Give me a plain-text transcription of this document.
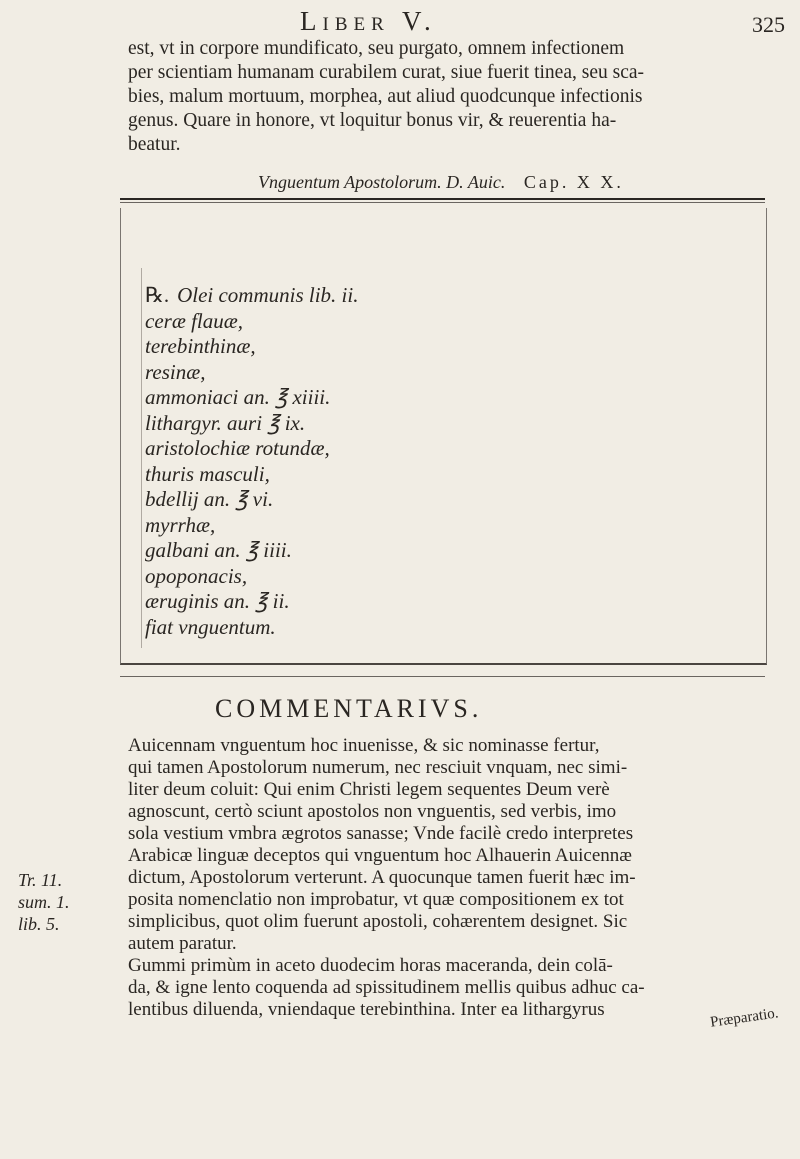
Liber V.	325

est, vt in corpore mundificato, seu purgato, omnem infectionem

per scientiam humanam curabilem curat, siue fuerit tinea, seu sca-

bies, malum mortuum, morphea, aut aliud quodcunque infectionis

genus. Quare in honore, vt loquitur bonus vir, & reuerentia ha-

beatur.

Vnguentum Apostolorum. D. Auic. Cap. X X.

℞. Olei communis lib. ii.

ceræ flauæ,

terebinthinæ,

resinæ,

ammoniaci an. ℥ xiiii.

lithargyr. auri ℥ ix.

aristolochiæ rotundæ,

thuris masculi,

bdellij an. ℥ vi.

myrrhæ,

galbani an. ℥ iiii.

opoponacis,

æruginis an. ℥ ii.

fiat vnguentum.

COMMENTARIVS.

Auicennam vnguentum hoc inuenisse, & sic nominasse fertur,

qui tamen Apostolorum numerum, nec resciuit vnquam, nec simi-

liter deum coluit: Qui enim Christi legem sequentes Deum verè

agnoscunt, certò sciunt apostolos non vnguentis, sed verbis, imo

sola vestium vmbra ægrotos sanasse; Vnde facilè credo interpretes

Arabicæ linguæ deceptos qui vnguentum hoc Alhauerin Auicennæ

dictum, Apostolorum verterunt. A quocunque tamen fuerit hæc im-

posita nomenclatio non improbatur, vt quæ compositionem ex tot

simplicibus, quot olim fuerunt apostoli, cohærentem designet. Sic

autem paratur.

Gummi primùm in aceto duodecim horas maceranda, dein colā-

da, & igne lento coquenda ad spissitudinem mellis quibus adhuc ca-

lentibus diluenda, vniendaque terebinthina. Inter ea lithargyrus

Tr. 11.
sum. 1.
lib. 5.
Præparatio.
